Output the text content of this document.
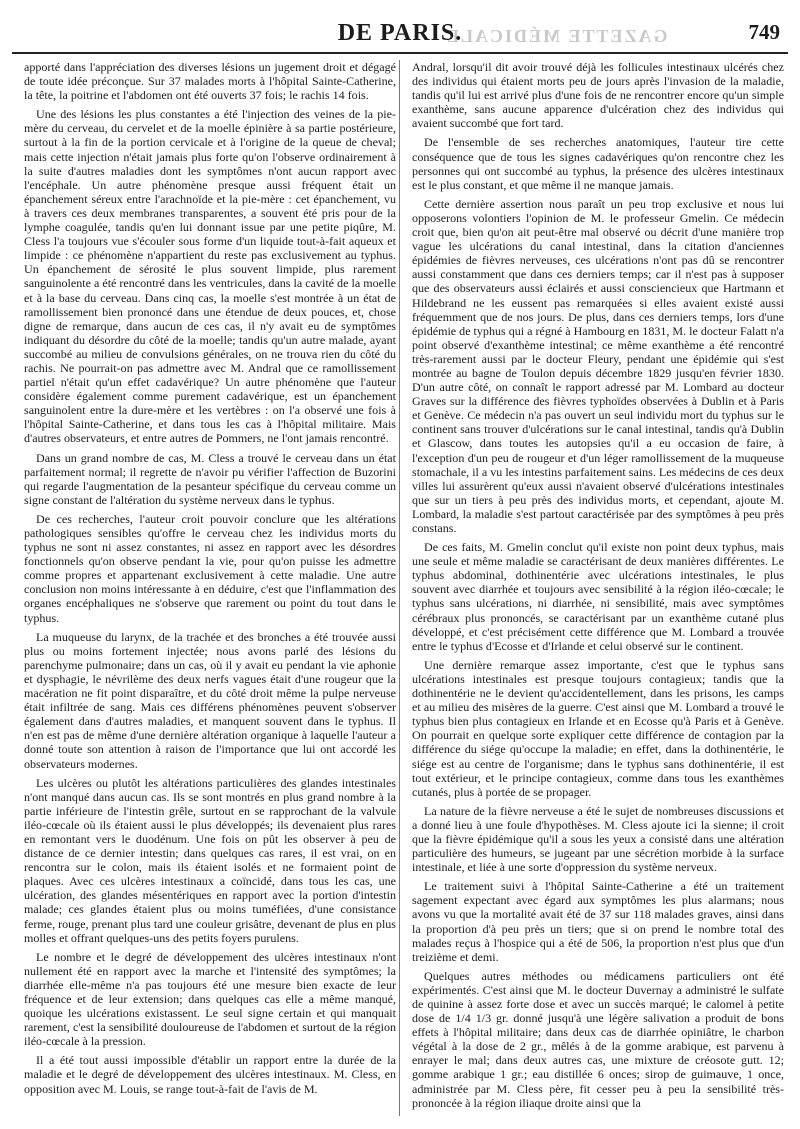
GAZETTE MÉDICALE
DE PARIS.	749

apporté dans l'appréciation des diverses lésions un jugement droit et dégagé de toute idée préconçue. Sur 37 malades morts à l'hôpital Sainte-Catherine, la tête, la poitrine et l'abdomen ont été ouverts 37 fois; le rachis 14 fois.

Une des lésions les plus constantes a été l'injection des veines de la pie-mère du cerveau, du cervelet et de la moelle épinière à sa partie postérieure, surtout à la fin de la portion cervicale et à l'origine de la queue de cheval; mais cette injection n'était jamais plus forte qu'on l'observe ordinairement à la suite d'autres maladies dont les symptômes n'ont aucun rapport avec l'encéphale. Un autre phénomène presque aussi fréquent était un épanchement séreux entre l'arachnoïde et la pie-mère : cet épanchement, vu à travers ces deux membranes transparentes, a souvent été pris pour de la lymphe coagulée, tandis qu'en lui donnant issue par une petite piqûre, M. Cless l'a toujours vue s'écouler sous forme d'un liquide tout-à-fait aqueux et limpide : ce phénomène n'appartient du reste pas exclusivement au typhus. Un épanchement de sérosité le plus souvent limpide, plus rarement sanguinolente a été rencontré dans les ventricules, dans la cavité de la moelle et à la base du cerveau. Dans cinq cas, la moelle s'est montrée à un état de ramollissement bien prononcé dans une étendue de deux pouces, et, chose digne de remarque, dans aucun de ces cas, il n'y avait eu de symptômes indiquant du désordre du côté de la moelle; tandis qu'un autre malade, ayant succombé au milieu de convulsions générales, on ne trouva rien du côté du rachis. Ne pourrait-on pas admettre avec M. Andral que ce ramollissement partiel n'était qu'un effet cadavérique? Un autre phénomène que l'auteur considère également comme purement cadavérique, est un épanchement sanguinolent entre la dure-mère et les vertèbres : on l'a observé une fois à l'hôpital Sainte-Catherine, et dans tous les cas à l'hôpital militaire. Mais d'autres observateurs, et entre autres de Pommers, ne l'ont jamais rencontré.

Dans un grand nombre de cas, M. Cless a trouvé le cerveau dans un état parfaitement normal; il regrette de n'avoir pu vérifier l'affection de Buzorini qui regarde l'augmentation de la pesanteur spécifique du cerveau comme un signe constant de l'altération du système nerveux dans le typhus.

De ces recherches, l'auteur croit pouvoir conclure que les altérations pathologiques sensibles qu'offre le cerveau chez les individus morts du typhus ne sont ni assez constantes, ni assez en rapport avec les désordres fonctionnels qu'on observe pendant la vie, pour qu'on puisse les admettre comme propres et appartenant exclusivement à cette maladie. Une autre conclusion non moins intéressante à en déduire, c'est que l'inflammation des organes encéphaliques ne s'observe que rarement ou point du tout dans le typhus.

La muqueuse du larynx, de la trachée et des bronches a été trouvée aussi plus ou moins fortement injectée; nous avons parlé des lésions du parenchyme pulmonaire; dans un cas, où il y avait eu pendant la vie aphonie et dysphagie, le névrilème des deux nerfs vagues était d'une rougeur que la macération ne fit point disparaître, et du côté droit même la pulpe nerveuse était infiltrée de sang. Mais ces différens phénomènes peuvent s'observer également dans d'autres maladies, et manquent souvent dans le typhus. Il n'en est pas de même d'une dernière altération organique à laquelle l'auteur a donné toute son attention à raison de l'importance que lui ont accordé les observateurs modernes.

Les ulcères ou plutôt les altérations particulières des glandes intestinales n'ont manqué dans aucun cas. Ils se sont montrés en plus grand nombre à la partie inférieure de l'intestin grêle, surtout en se rapprochant de la valvule iléo-cœcale où ils étaient aussi le plus développés; ils devenaient plus rares en remontant vers le duodénum. Une fois on pût les observer à peu de distance de ce dernier intestin; dans quelques cas rares, il est vrai, on en rencontra sur le colon, mais ils étaient isolés et ne formaient point de plaques. Avec ces ulcères intestinaux a coïncidé, dans tous les cas, une ulcération, des glandes mésentériques en rapport avec la portion d'intestin malade; ces glandes étaient plus ou moins tuméfiées, d'une consistance ferme, rouge, prenant plus tard une couleur grisâtre, devenant de plus en plus molles et offrant quelques-uns des petits foyers purulens.

Le nombre et le degré de développement des ulcères intestinaux n'ont nullement été en rapport avec la marche et l'intensité des symptômes; la diarrhée elle-même n'a pas toujours été une mesure bien exacte de leur fréquence et de leur extension; dans quelques cas elle a même manqué, quoique les ulcérations existassent. Le seul signe certain et qui manquait rarement, c'est la sensibilité douloureuse de l'abdomen et surtout de la région iléo-cœcale à la pression.

Il a été tout aussi impossible d'établir un rapport entre la durée de la maladie et le degré de développement des ulcères intestinaux. M. Cless, en opposition avec M. Louis, se range tout-à-fait de l'avis de M.

Andral, lorsqu'il dit avoir trouvé déjà les follicules intestinaux ulcérés chez des individus qui étaient morts peu de jours après l'invasion de la maladie, tandis qu'il lui est arrivé plus d'une fois de ne rencontrer encore qu'un simple exanthème, sans aucune apparence d'ulcération chez des individus qui avaient succombé que fort tard.

De l'ensemble de ses recherches anatomiques, l'auteur tire cette conséquence que de tous les signes cadavériques qu'on rencontre chez les personnes qui ont succombé au typhus, la présence des ulcères intestinaux est le plus constant, et que même il ne manque jamais.

Cette dernière assertion nous paraît un peu trop exclusive et nous lui opposerons volontiers l'opinion de M. le professeur Gmelin. Ce médecin croit que, bien qu'on ait peut-être mal observé ou décrit d'une manière trop vague les ulcérations du canal intestinal, dans la citation d'anciennes épidémies de fièvres nerveuses, ces ulcérations n'ont pas dû se rencontrer aussi constamment que dans ces derniers temps; car il n'est pas à supposer que des observateurs aussi éclairés et aussi consciencieux que Hartmann et Hildebrand ne les eussent pas remarquées si elles avaient existé aussi fréquemment que de nos jours. De plus, dans ces derniers temps, lors d'une épidémie de typhus qui a régné à Hambourg en 1831, M. le docteur Falatt n'a point observé d'exanthème intestinal; ce même exanthème a été rencontré très-rarement aussi par le docteur Fleury, pendant une épidémie qui s'est montrée au bagne de Toulon depuis décembre 1829 jusqu'en février 1830. D'un autre côté, on connaît le rapport adressé par M. Lombard au docteur Graves sur la différence des fièvres typhoïdes observées à Dublin et à Paris et Genève. Ce médecin n'a pas ouvert un seul individu mort du typhus sur le continent sans trouver d'ulcérations sur le canal intestinal, tandis qu'à Dublin et Glascow, dans toutes les autopsies qu'il a eu occasion de faire, à l'exception d'un peu de rougeur et d'un léger ramollissement de la muqueuse stomachale, il a vu les intestins parfaitement sains. Les médecins de ces deux villes lui assurèrent qu'eux aussi n'avaient observé d'ulcérations intestinales que sur un tiers à peu près des individus morts, et cependant, ajoute M. Lombard, la maladie s'est partout caractérisée par des symptômes à peu près constans.

De ces faits, M. Gmelin conclut qu'il existe non point deux typhus, mais une seule et même maladie se caractérisant de deux manières différentes. Le typhus abdominal, dothinentérie avec ulcérations intestinales, le plus souvent avec diarrhée et toujours avec sensibilité à la région iléo-cœcale; le typhus sans ulcérations, ni diarrhée, ni sensibilité, mais avec symptômes cérébraux plus prononcés, se caractérisant par un exanthème cutané plus développé, et c'est précisément cette différence que M. Lombard a trouvée entre le typhus d'Ecosse et d'Irlande et celui observé sur le continent.

Une dernière remarque assez importante, c'est que le typhus sans ulcérations intestinales est presque toujours contagieux; tandis que la dothinentérie ne le devient qu'accidentellement, dans les prisons, les camps et au milieu des misères de la guerre. C'est ainsi que M. Lombard a trouvé le typhus bien plus contagieux en Irlande et en Ecosse qu'à Paris et à Genève. On pourrait en quelque sorte expliquer cette différence de contagion par la différence du siége qu'occupe la maladie; en effet, dans la dothinentérie, le siége est au centre de l'organisme; dans le typhus sans dothinentérie, il est tout extérieur, et le principe contagieux, comme dans tous les exanthèmes cutanés, plus à portée de se propager.

La nature de la fièvre nerveuse a été le sujet de nombreuses discussions et a donné lieu à une foule d'hypothèses. M. Cless ajoute ici la sienne; il croit que la fièvre épidémique qu'il a sous les yeux a consisté dans une altération particulière des humeurs, se jugeant par une sécrétion morbide à la surface intestinale, et liée à une sorte d'oppression du système nerveux.

Le traitement suivi à l'hôpital Sainte-Catherine a été un traitement sagement expectant avec égard aux symptômes les plus alarmans; nous avons vu que la mortalité avait été de 37 sur 118 malades graves, ainsi dans la proportion d'à peu près un tiers; que si on prend le nombre total des malades reçus à l'hospice qui a été de 506, la proportion n'est plus que d'un treizième et demi.

Quelques autres méthodes ou médicamens particuliers ont été expérimentés. C'est ainsi que M. le docteur Duvernay a administré le sulfate de quinine à assez forte dose et avec un succès marqué; le calomel à petite dose de 1/4 1/3 gr. donné jusqu'à une légère salivation a produit de bons effets à l'hôpital militaire; dans deux cas de diarrhée opiniâtre, le charbon végétal à la dose de 2 gr., mêlés à de la gomme arabique, est parvenu à enrayer le mal; dans deux autres cas, une mixture de créosote gutt. 12; gomme arabique 1 gr.; eau distillée 6 onces; sirop de guimauve, 1 once, administrée par M. Cless père, fit cesser peu à peu la sensibilité très-prononcée à la région iliaque droite ainsi que la
